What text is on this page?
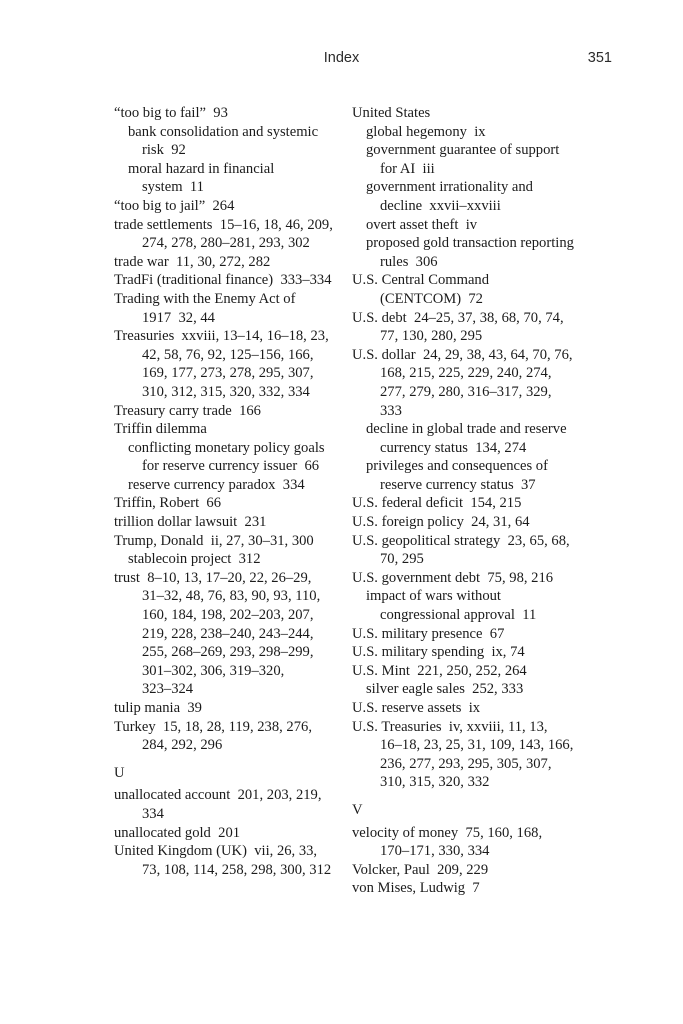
Index	351
“too big to fail”  93
bank consolidation and systemic
risk  92
moral hazard in financial
system  11
“too big to jail”  264
trade settlements  15–16, 18, 46, 209,
274, 278, 280–281, 293, 302
trade war  11, 30, 272, 282
TradFi (traditional finance)  333–334
Trading with the Enemy Act of
1917  32, 44
Treasuries  xxviii, 13–14, 16–18, 23,
42, 58, 76, 92, 125–156, 166,
169, 177, 273, 278, 295, 307,
310, 312, 315, 320, 332, 334
Treasury carry trade  166
Triffin dilemma
conflicting monetary policy goals
for reserve currency issuer  66
reserve currency paradox  334
Triffin, Robert  66
trillion dollar lawsuit  231
Trump, Donald  ii, 27, 30–31, 300
stablecoin project  312
trust  8–10, 13, 17–20, 22, 26–29,
31–32, 48, 76, 83, 90, 93, 110,
160, 184, 198, 202–203, 207,
219, 228, 238–240, 243–244,
255, 268–269, 293, 298–299,
301–302, 306, 319–320,
323–324
tulip mania  39
Turkey  15, 18, 28, 119, 238, 276,
284, 292, 296
U
unallocated account  201, 203, 219,
334
unallocated gold  201
United Kingdom (UK)  vii, 26, 33,
73, 108, 114, 258, 298, 300, 312
United States
global hegemony  ix
government guarantee of support
for AI  iii
government irrationality and
decline  xxvii–xxviii
overt asset theft  iv
proposed gold transaction reporting
rules  306
U.S. Central Command
(CENTCOM)  72
U.S. debt  24–25, 37, 38, 68, 70, 74,
77, 130, 280, 295
U.S. dollar  24, 29, 38, 43, 64, 70, 76,
168, 215, 225, 229, 240, 274,
277, 279, 280, 316–317, 329,
333
decline in global trade and reserve
currency status  134, 274
privileges and consequences of
reserve currency status  37
U.S. federal deficit  154, 215
U.S. foreign policy  24, 31, 64
U.S. geopolitical strategy  23, 65, 68,
70, 295
U.S. government debt  75, 98, 216
impact of wars without
congressional approval  11
U.S. military presence  67
U.S. military spending  ix, 74
U.S. Mint  221, 250, 252, 264
silver eagle sales  252, 333
U.S. reserve assets  ix
U.S. Treasuries  iv, xxviii, 11, 13,
16–18, 23, 25, 31, 109, 143, 166,
236, 277, 293, 295, 305, 307,
310, 315, 320, 332
V
velocity of money  75, 160, 168,
170–171, 330, 334
Volcker, Paul  209, 229
von Mises, Ludwig  7
